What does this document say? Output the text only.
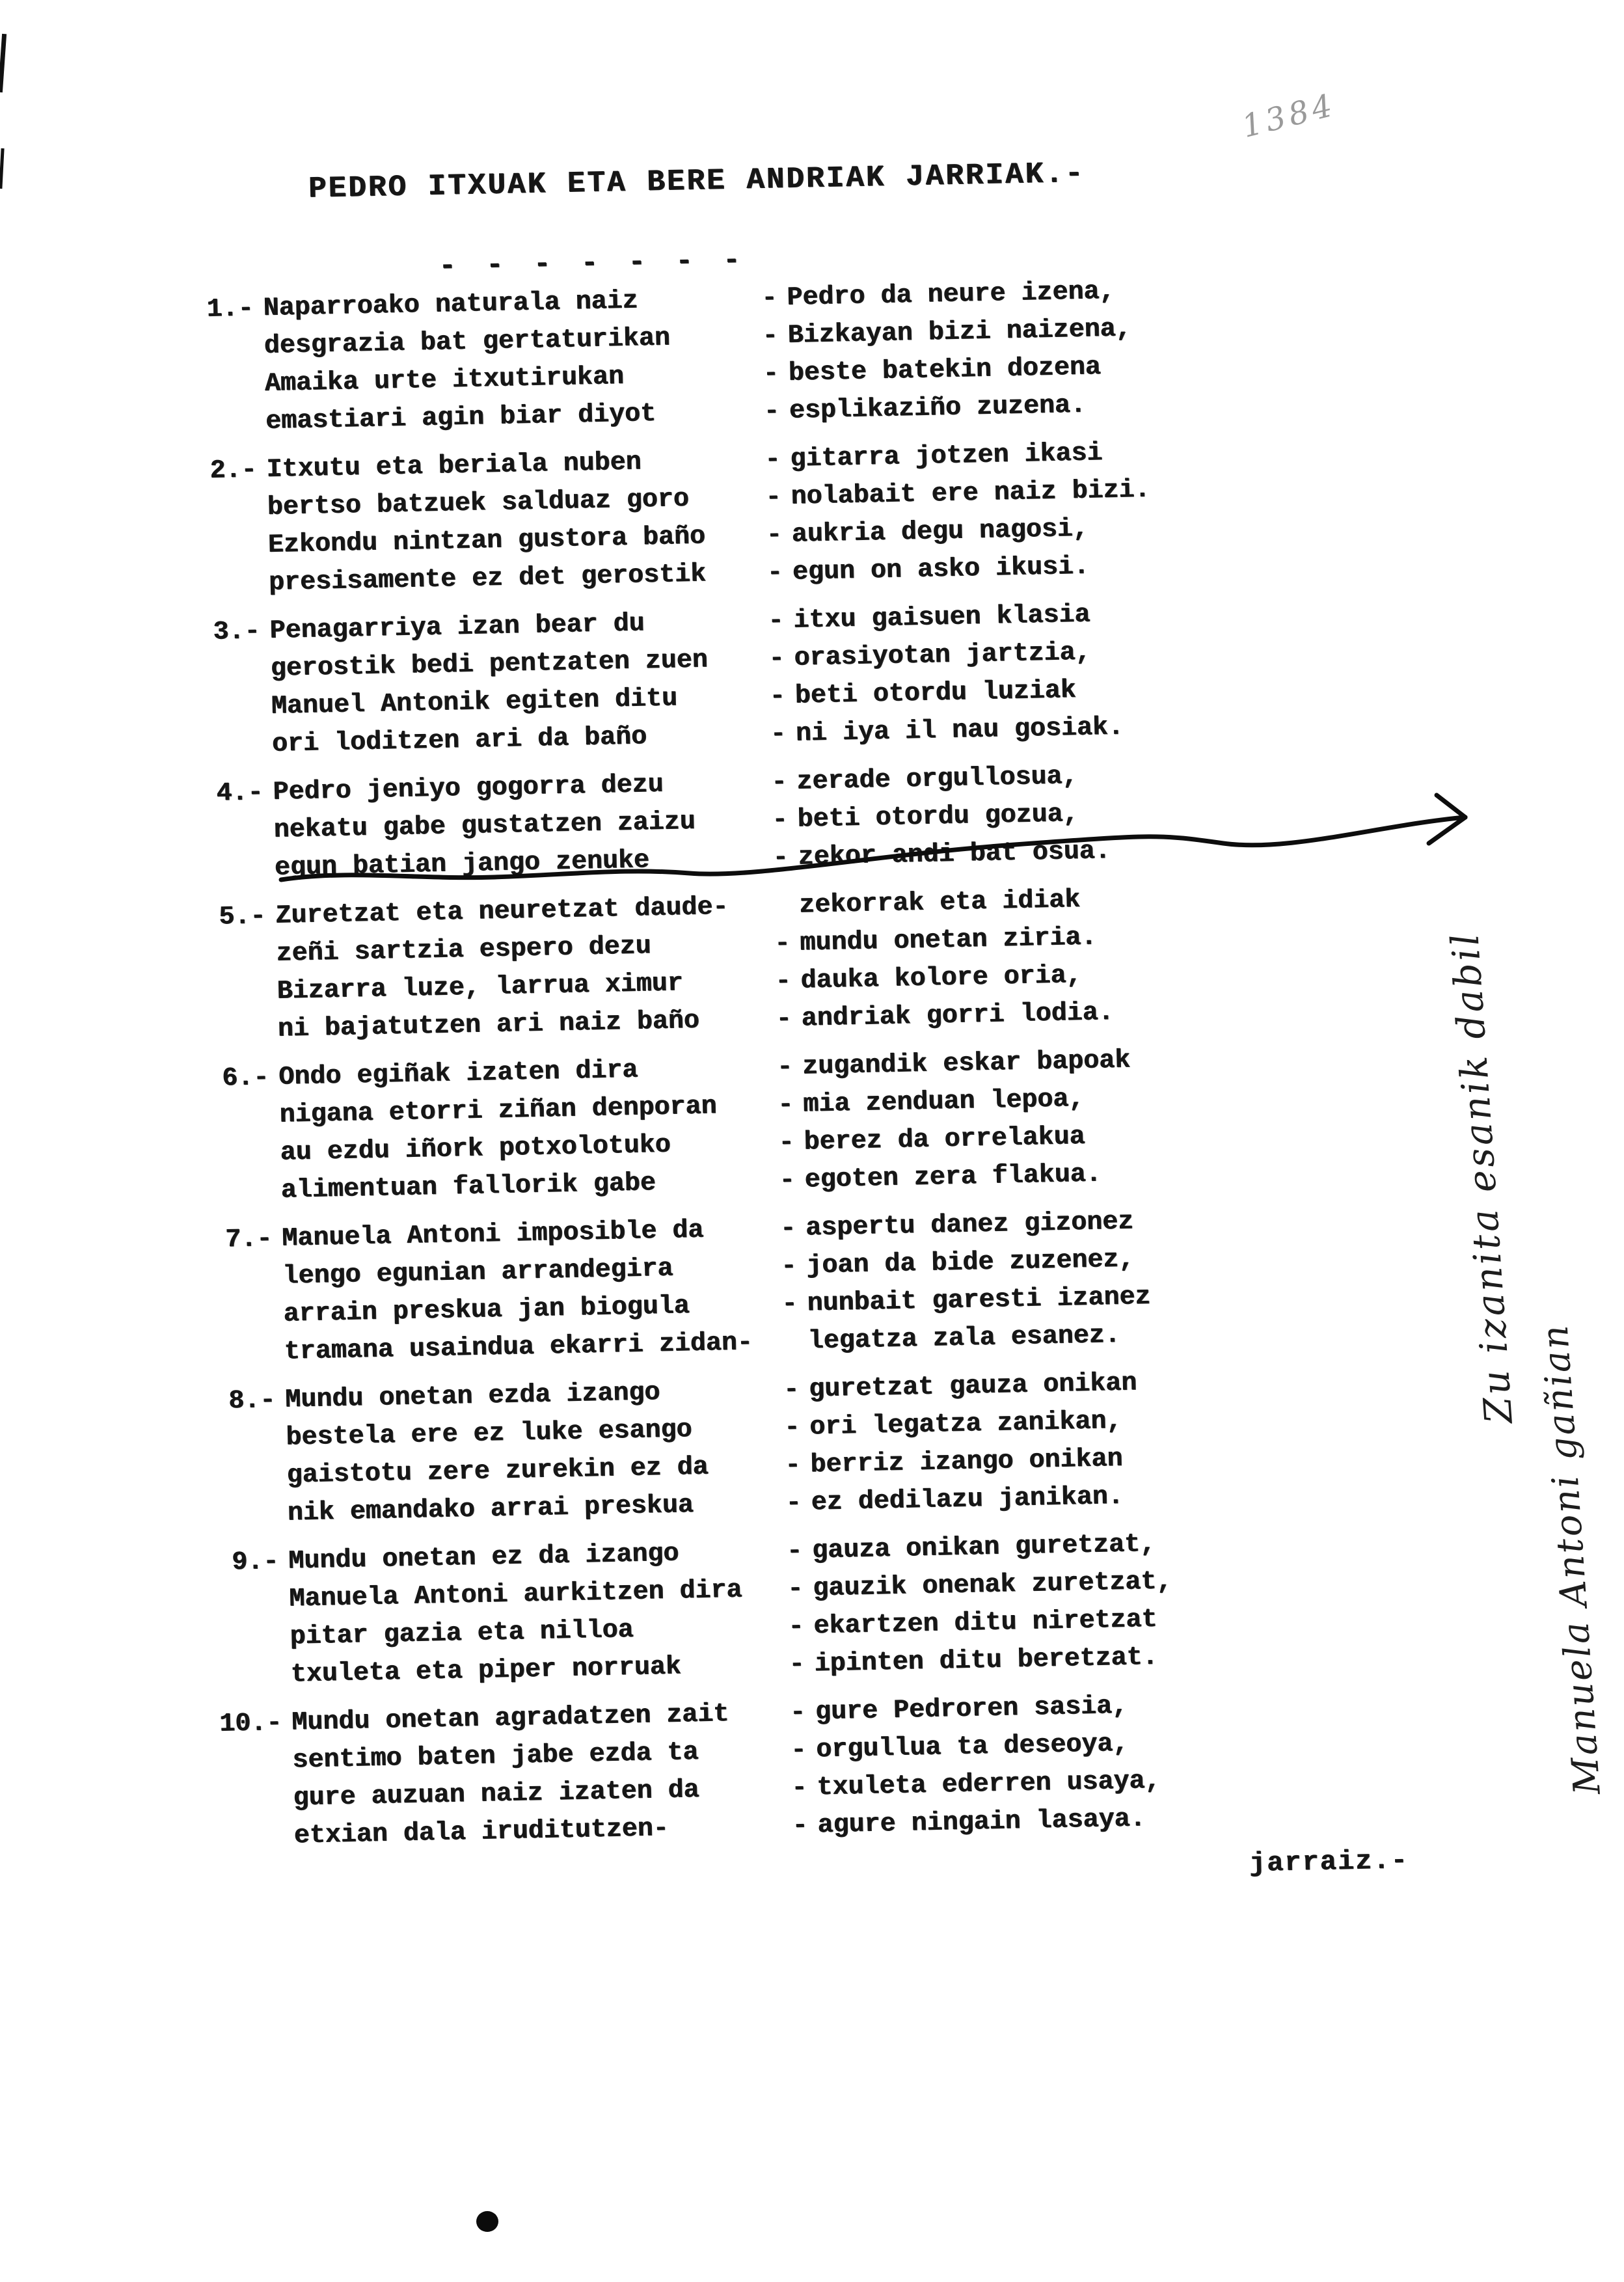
1384
PEDRO ITXUAK ETA BERE ANDRIAK JARRIAK.-
- - - - - - -
1.- Naparroako naturala naiz	- Pedro da neure izena,
desgrazia bat gertaturikan	- Bizkayan bizi naizena,
Amaika urte itxutirukan	- beste batekin dozena
emastiari agin biar diyot	- esplikaziño zuzena.
2.- Itxutu eta beriala nuben	- gitarra jotzen ikasi
bertso batzuek salduaz goro	- nolabait ere naiz bizi.
Ezkondu nintzan gustora baño - aukria degu nagosi,
presisamente ez det gerostik - egun on asko ikusi.
3.- Penagarriya izan bear du	- itxu gaisuen klasia
gerostik bedi pentzaten zuen - orasiyotan jartzia,
Manuel Antonik egiten ditu	- beti otordu luziak
ori loditzen ari da baño	- ni iya il nau gosiak.
4.- Pedro jeniyo gogorra dezu	- zerade orgullosua,
nekatu gabe gustatzen zaizu	- beti otordu gozua,
egun batian jango zenuke	- zekor andi bat osua.
5.- Zuretzat eta neuretzat daude-	zekorrak eta idiak
zeñi sartzia espero dezu	- mundu onetan ziria.
Bizarra luze, larrua ximur	- dauka kolore oria,
ni bajatutzen ari naiz baño	- andriak gorri lodia.
6.- Ondo egiñak izaten dira	- zugandik eskar bapoak
nigana etorri ziñan denporan - mia zenduan lepoa,
au ezdu iñork potxolotuko	- berez da orrelakua
alimentuan fallorik gabe	- egoten zera flakua.
7.- Manuela Antoni imposible da	- aspertu danez gizonez
lengo egunian arrandegira	- joan da bide zuzenez,
arrain preskua jan biogula	- nunbait garesti izanez
tramana usaindua ekarri zidan- legatza zala esanez.
8.- Mundu onetan ezda izango	- guretzat gauza onikan
bestela ere ez luke esango	- ori legatza zanikan,
gaistotu zere zurekin ez da	- berriz izango onikan
nik emandako arrai preskua	- ez dedilazu janikan.
9.- Mundu onetan ez da izango	- gauza onikan guretzat,
Manuela Antoni aurkitzen dira - gauzik onenak zuretzat,
pitar gazia eta nilloa	- ekartzen ditu niretzat
txuleta eta piper norruak	- ipinten ditu beretzat.
10.- Mundu onetan agradatzen zait - gure Pedroren sasia,
sentimo baten jabe ezda ta	- orgullua ta deseoya,
gure auzuan naiz izaten da	- txuleta ederren usaya,
etxian dala iruditutzen-	- agure ningain lasaya.
jarraiz.-
Zu izanita esanik dabil
Manuela Antoni gañian
